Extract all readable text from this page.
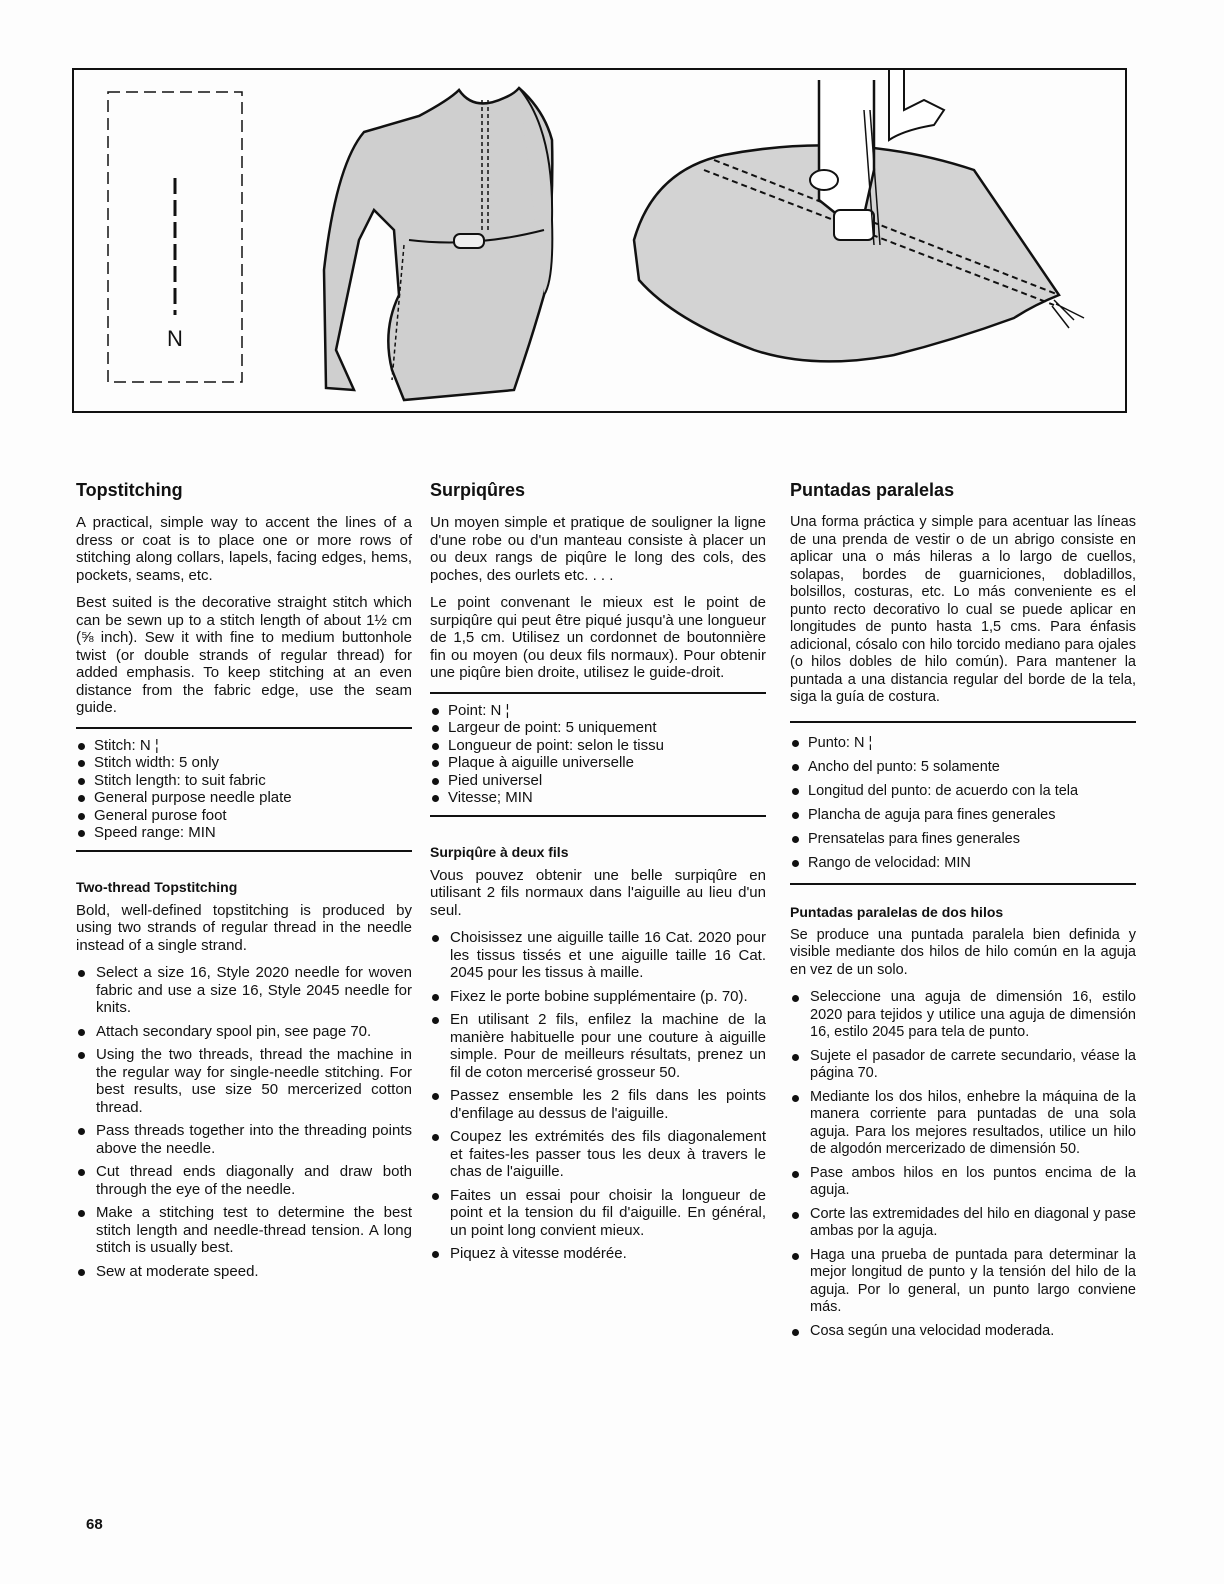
N
Topstitching

A practical, simple way to accent the lines of a dress or coat is to place one or more rows of stitching along collars, lapels, facing edges, hems, pockets, seams, etc.

Best suited is the decorative straight stitch which can be sewn up to a stitch length of about 1½ cm (⅝ inch). Sew it with fine to medium buttonhole twist (or double strands of regular thread) for added emphasis. To keep stitching at an even distance from the fabric edge, use the seam guide.

Stitch: N ¦
Stitch width: 5 only
Stitch length: to suit fabric
General purpose needle plate
General purose foot
Speed range: MIN
Two-thread Topstitching

Bold, well-defined topstitching is produced by using two strands of regular thread in the needle instead of a single strand.

Select a size 16, Style 2020 needle for woven fabric and use a size 16, Style 2045 needle for knits.
Attach secondary spool pin, see page 70.
Using the two threads, thread the machine in the regular way for single-needle stitching. For best results, use size 50 mercerized cotton thread.
Pass threads together into the threading points above the needle.
Cut thread ends diagonally and draw both through the eye of the needle.
Make a stitching test to determine the best stitch length and needle-thread tension. A long stitch is usually best.
Sew at moderate speed.
Surpiqûres

Un moyen simple et pratique de souligner la ligne d'une robe ou d'un manteau consiste à placer un ou deux rangs de piqûre le long des cols, des poches, des ourlets etc. . . .

Le point convenant le mieux est le point de surpiqûre qui peut être piqué jusqu'à une longueur de 1,5 cm. Utilisez un cordonnet de boutonnière fin ou moyen (ou deux fils normaux). Pour obtenir une piqûre bien droite, utilisez le guide-droit.

Point: N ¦
Largeur de point: 5 uniquement
Longueur de point: selon le tissu
Plaque à aiguille universelle
Pied universel
Vitesse; MIN
Surpiqûre à deux fils

Vous pouvez obtenir une belle surpiqûre en utilisant 2 fils normaux dans l'aiguille au lieu d'un seul.

Choisissez une aiguille taille 16 Cat. 2020 pour les tissus tissés et une aiguille taille 16 Cat. 2045 pour les tissus à maille.
Fixez le porte bobine supplémentaire (p. 70).
En utilisant 2 fils, enfilez la machine de la manière habituelle pour une couture à aiguille simple. Pour de meilleurs résultats, prenez un fil de coton mercerisé grosseur 50.
Passez ensemble les 2 fils dans les points d'enfilage au dessus de l'aiguille.
Coupez les extrémités des fils diagonalement et faites-les passer tous les deux à travers le chas de l'aiguille.
Faites un essai pour choisir la longueur de point et la tension du fil d'aiguille. En général, un point long convient mieux.
Piquez à vitesse modérée.
Puntadas paralelas

Una forma práctica y simple para acentuar las líneas de una prenda de vestir o de un abrigo consiste en aplicar una o más hileras a lo largo de cuellos, solapas, bordes de guarniciones, dobladillos, bolsillos, costuras, etc. Lo más conveniente es el punto recto decorativo lo cual se puede aplicar en longitudes de punto hasta 1,5 cms. Para énfasis adicional, cósalo con hilo torcido mediano para ojales (o hilos dobles de hilo común). Para mantener la puntada a una distancia regular del borde de la tela, siga la guía de costura.

Punto: N ¦
Ancho del punto: 5 solamente
Longitud del punto: de acuerdo con la tela
Plancha de aguja para fines generales
Prensatelas para fines generales
Rango de velocidad: MIN
Puntadas paralelas de dos hilos

Se produce una puntada paralela bien definida y visible mediante dos hilos de hilo común en la aguja en vez de un solo.

Seleccione una aguja de dimensión 16, estilo 2020 para tejidos y utilice una aguja de dimensión 16, estilo 2045 para tela de punto.
Sujete el pasador de carrete secundario, véase la página 70.
Mediante los dos hilos, enhebre la máquina de la manera corriente para puntadas de una sola aguja. Para los mejores resultados, utilice un hilo de algodón mercerizado de dimensión 50.
Pase ambos hilos en los puntos encima de la aguja.
Corte las extremidades del hilo en diagonal y pase ambas por la aguja.
Haga una prueba de puntada para determinar la mejor longitud de punto y la tensión del hilo de la aguja. Por lo general, un punto largo conviene más.
Cosa según una velocidad moderada.
68
